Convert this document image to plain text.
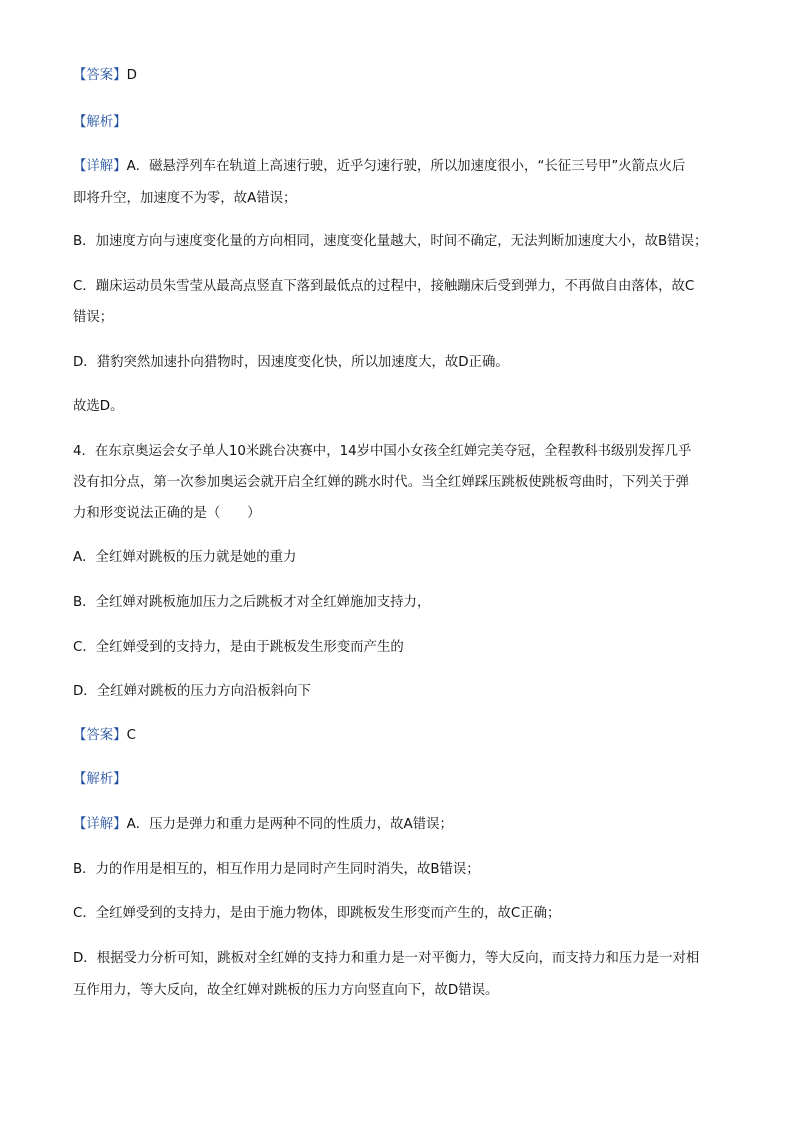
【答案】D
【解析】
【详解】A．磁悬浮列车在轨道上高速行驶，近乎匀速行驶，所以加速度很小，“长征三号甲”火箭点火后
即将升空，加速度不为零，故A错误；
B．加速度方向与速度变化量的方向相同，速度变化量越大，时间不确定，无法判断加速度大小，故B错误；
C．蹦床运动员朱雪莹从最高点竖直下落到最低点的过程中，接触蹦床后受到弹力，不再做自由落体，故C
错误；
D．猎豹突然加速扑向猎物时，因速度变化快，所以加速度大，故D正确。
故选D。
4．在东京奥运会女子单人10米跳台决赛中，14岁中国小女孩全红婵完美夺冠，全程教科书级别发挥几乎
没有扣分点，第一次参加奥运会就开启全红婵的跳水时代。当全红婵踩压跳板使跳板弯曲时，下列关于弹
力和形变说法正确的是（　　）
A．全红婵对跳板的压力就是她的重力
B．全红婵对跳板施加压力之后跳板才对全红婵施加支持力，
C．全红婵受到的支持力，是由于跳板发生形变而产生的
D．全红婵对跳板的压力方向沿板斜向下
【答案】C
【解析】
【详解】A．压力是弹力和重力是两种不同的性质力，故A错误；
B．力的作用是相互的，相互作用力是同时产生同时消失，故B错误；
C．全红婵受到的支持力，是由于施力物体，即跳板发生形变而产生的，故C正确；
D．根据受力分析可知，跳板对全红婵的支持力和重力是一对平衡力，等大反向，而支持力和压力是一对相
互作用力，等大反向，故全红婵对跳板的压力方向竖直向下，故D错误。
